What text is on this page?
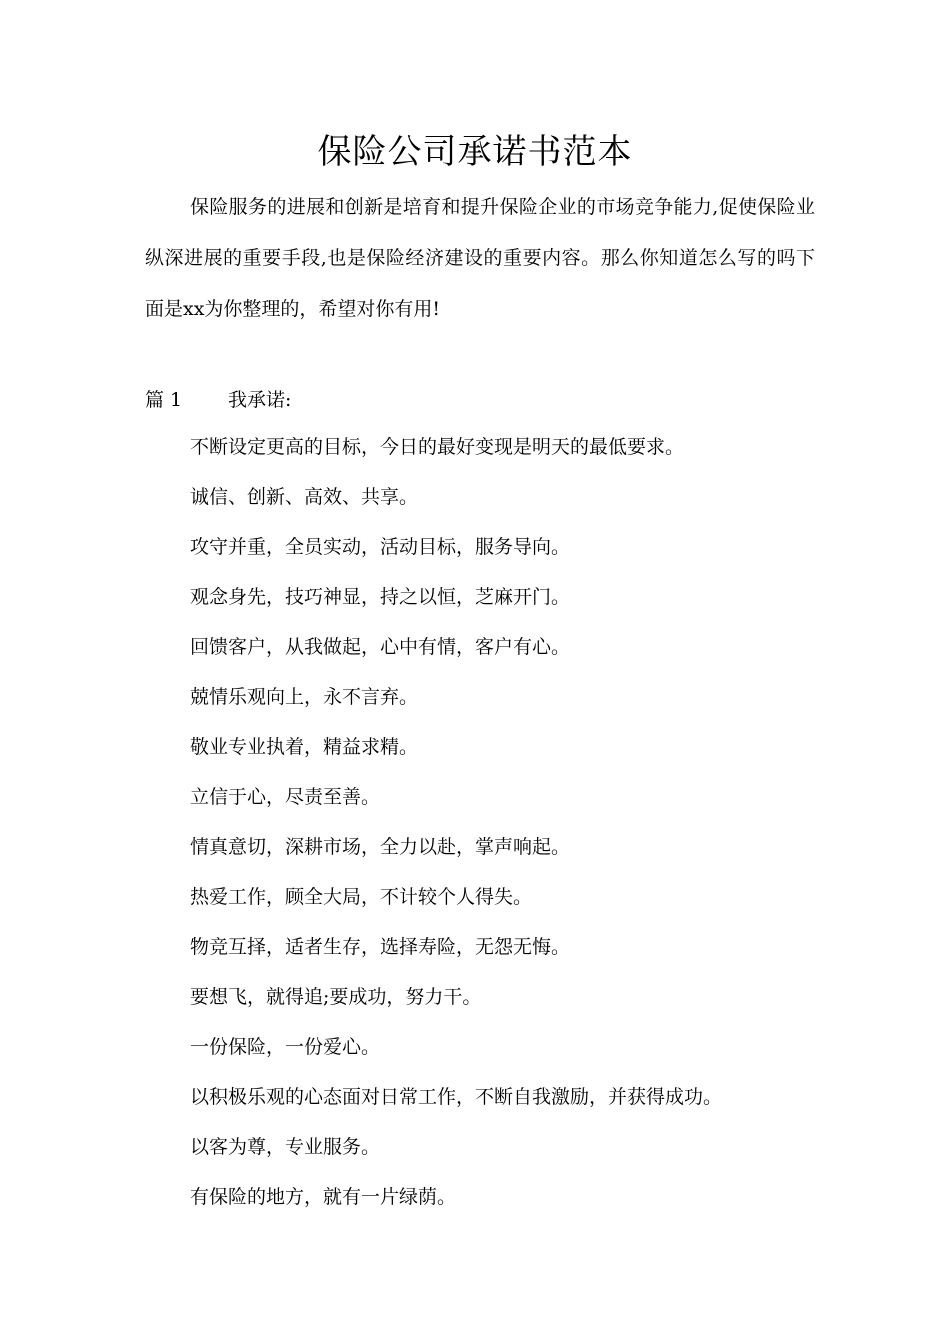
保险公司承诺书范本

保险服务的进展和创新是培育和提升保险企业的市场竞争能力,促使保险业纵深进展的重要手段,也是保险经济建设的重要内容。那么你知道怎么写的吗下面是xx为你整理的，希望对你有用!

篇 1 我承诺:
不断设定更高的目标，今日的最好变现是明天的最低要求。
诚信、创新、高效、共享。
攻守并重，全员实动，活动目标，服务导向。
观念身先，技巧神显，持之以恒，芝麻开门。
回馈客户，从我做起，心中有情，客户有心。
兢情乐观向上，永不言弃。
敬业专业执着，精益求精。
立信于心，尽责至善。
情真意切，深耕市场，全力以赴，掌声响起。
热爱工作，顾全大局，不计较个人得失。
物竞互择，适者生存，选择寿险，无怨无悔。
要想飞，就得追;要成功，努力干。
一份保险，一份爱心。
以积极乐观的心态面对日常工作，不断自我激励，并获得成功。
以客为尊，专业服务。
有保险的地方，就有一片绿荫。
